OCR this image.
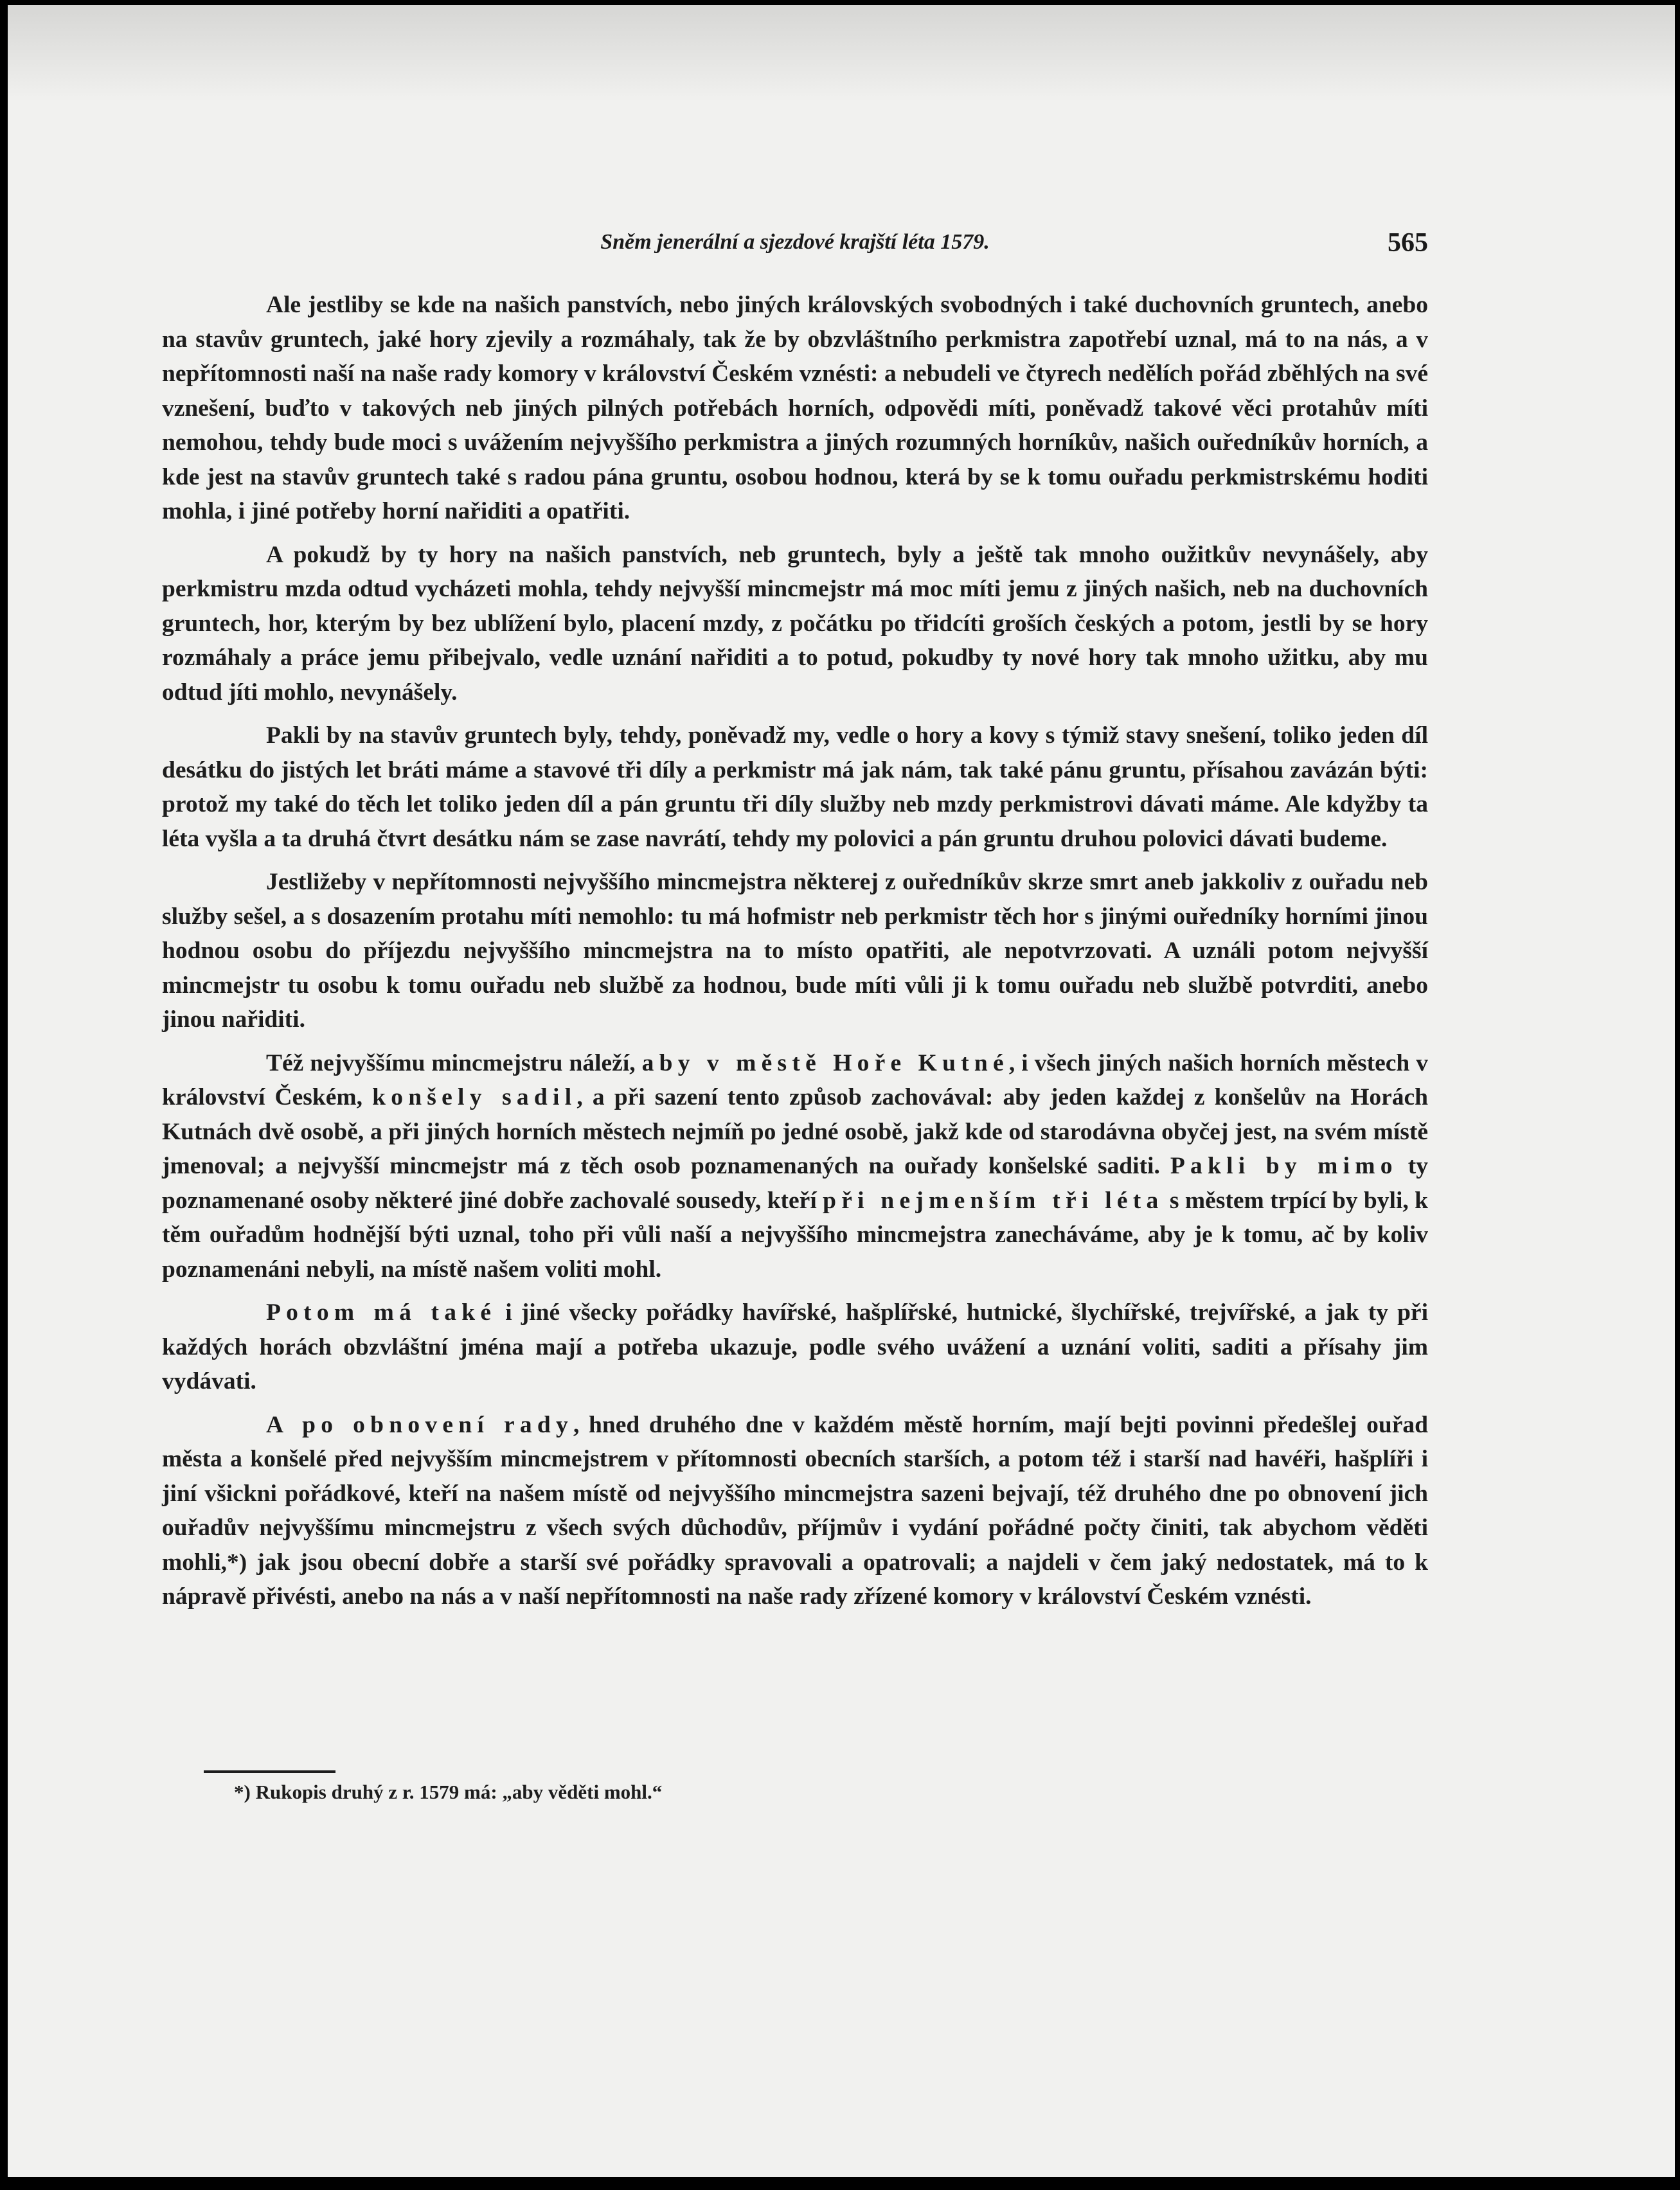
Sněm jenerální a sjezdové krajští léta 1579.	565

Ale jestliby se kde na našich panstvích, nebo jiných královských svobodných i také duchovních gruntech, anebo na stavův gruntech, jaké hory zjevily a rozmáhaly, tak že by obzvláštního perkmistra zapotřebí uznal, má to na nás, a v nepřítomnosti naší na naše rady komory v království Českém vznésti: a nebudeli ve čtyrech nedělích pořád zběhlých na své vznešení, buďto v takových neb jiných pilných potřebách horních, odpovědi míti, poněvadž takové věci protahův míti nemohou, tehdy bude moci s uvážením nejvyššího perkmistra a jiných rozumných horníkův, našich ouředníkův horních, a kde jest na stavův gruntech také s radou pána gruntu, osobou hodnou, která by se k tomu ouřadu perkmistrskému hoditi mohla, i jiné potřeby horní nařiditi a opatřiti.

A pokudž by ty hory na našich panstvích, neb gruntech, byly a ještě tak mnoho oužitkův nevynášely, aby perkmistru mzda odtud vycházeti mohla, tehdy nejvyšší mincmejstr má moc míti jemu z jiných našich, neb na duchovních gruntech, hor, kterým by bez ublížení bylo, placení mzdy, z počátku po třidcíti groších českých a potom, jestli by se hory rozmáhaly a práce jemu přibejvalo, vedle uznání nařiditi a to potud, pokudby ty nové hory tak mnoho užitku, aby mu odtud jíti mohlo, nevynášely.

Pakli by na stavův gruntech byly, tehdy, poněvadž my, vedle o hory a kovy s týmiž stavy snešení, toliko jeden díl desátku do jistých let bráti máme a stavové tři díly a perkmistr má jak nám, tak také pánu gruntu, přísahou zavázán býti: protož my také do těch let toliko jeden díl a pán gruntu tři díly služby neb mzdy perkmistrovi dávati máme. Ale kdyžby ta léta vyšla a ta druhá čtvrt desátku nám se zase navrátí, tehdy my polovici a pán gruntu druhou polovici dávati budeme.

Jestližeby v nepřítomnosti nejvyššího mincmejstra některej z ouředníkův skrze smrt aneb jakkoliv z ouřadu neb služby sešel, a s dosazením protahu míti nemohlo: tu má hofmistr neb perkmistr těch hor s jinými ouředníky horními jinou hodnou osobu do příjezdu nejvyššího mincmejstra na to místo opatřiti, ale nepotvrzovati. A uználi potom nejvyšší mincmejstr tu osobu k tomu ouřadu neb službě za hodnou, bude míti vůli ji k tomu ouřadu neb službě potvrditi, anebo jinou nařiditi.

Též nejvyššímu mincmejstru náleží, aby v městě Hoře Kutné, i všech jiných našich horních městech v království Českém, konšely sadil, a při sazení tento způsob zachovával: aby jeden každej z konšelův na Horách Kutnách dvě osobě, a při jiných horních městech nejmíň po jedné osobě, jakž kde od starodávna obyčej jest, na svém místě jmenoval; a nejvyšší mincmejstr má z těch osob poznamenaných na ouřady konšelské saditi. Pakli by mimo ty poznamenané osoby některé jiné dobře zachovalé sousedy, kteří při nejmenším tři léta s městem trpící by byli, k těm ouřadům hodnější býti uznal, toho při vůli naší a nejvyššího mincmejstra zanecháváme, aby je k tomu, ač by koliv poznamenáni nebyli, na místě našem voliti mohl.

Potom má také i jiné všecky pořádky havířské, hašplířské, hutnické, šlychířské, trejvířské, a jak ty při každých horách obzvláštní jména mají a potřeba ukazuje, podle svého uvážení a uznání voliti, saditi a přísahy jim vydávati.

A po obnovení rady, hned druhého dne v každém městě horním, mají bejti povinni předešlej ouřad města a konšelé před nejvyšším mincmejstrem v přítomnosti obecních starších, a potom též i starší nad havéři, hašplíři i jiní všickni pořádkové, kteří na našem místě od nejvyššího mincmejstra sazeni bejvají, též druhého dne po obnovení jich ouřadův nejvyššímu mincmejstru z všech svých důchodův, příjmův i vydání pořádné počty činiti, tak abychom věděti mohli,*) jak jsou obecní dobře a starší své pořádky spravovali a opatrovali; a najdeli v čem jaký nedostatek, má to k nápravě přivésti, anebo na nás a v naší nepřítomnosti na naše rady zřízené komory v království Českém vznésti.

*) Rukopis druhý z r. 1579 má: „aby věděti mohl.“
